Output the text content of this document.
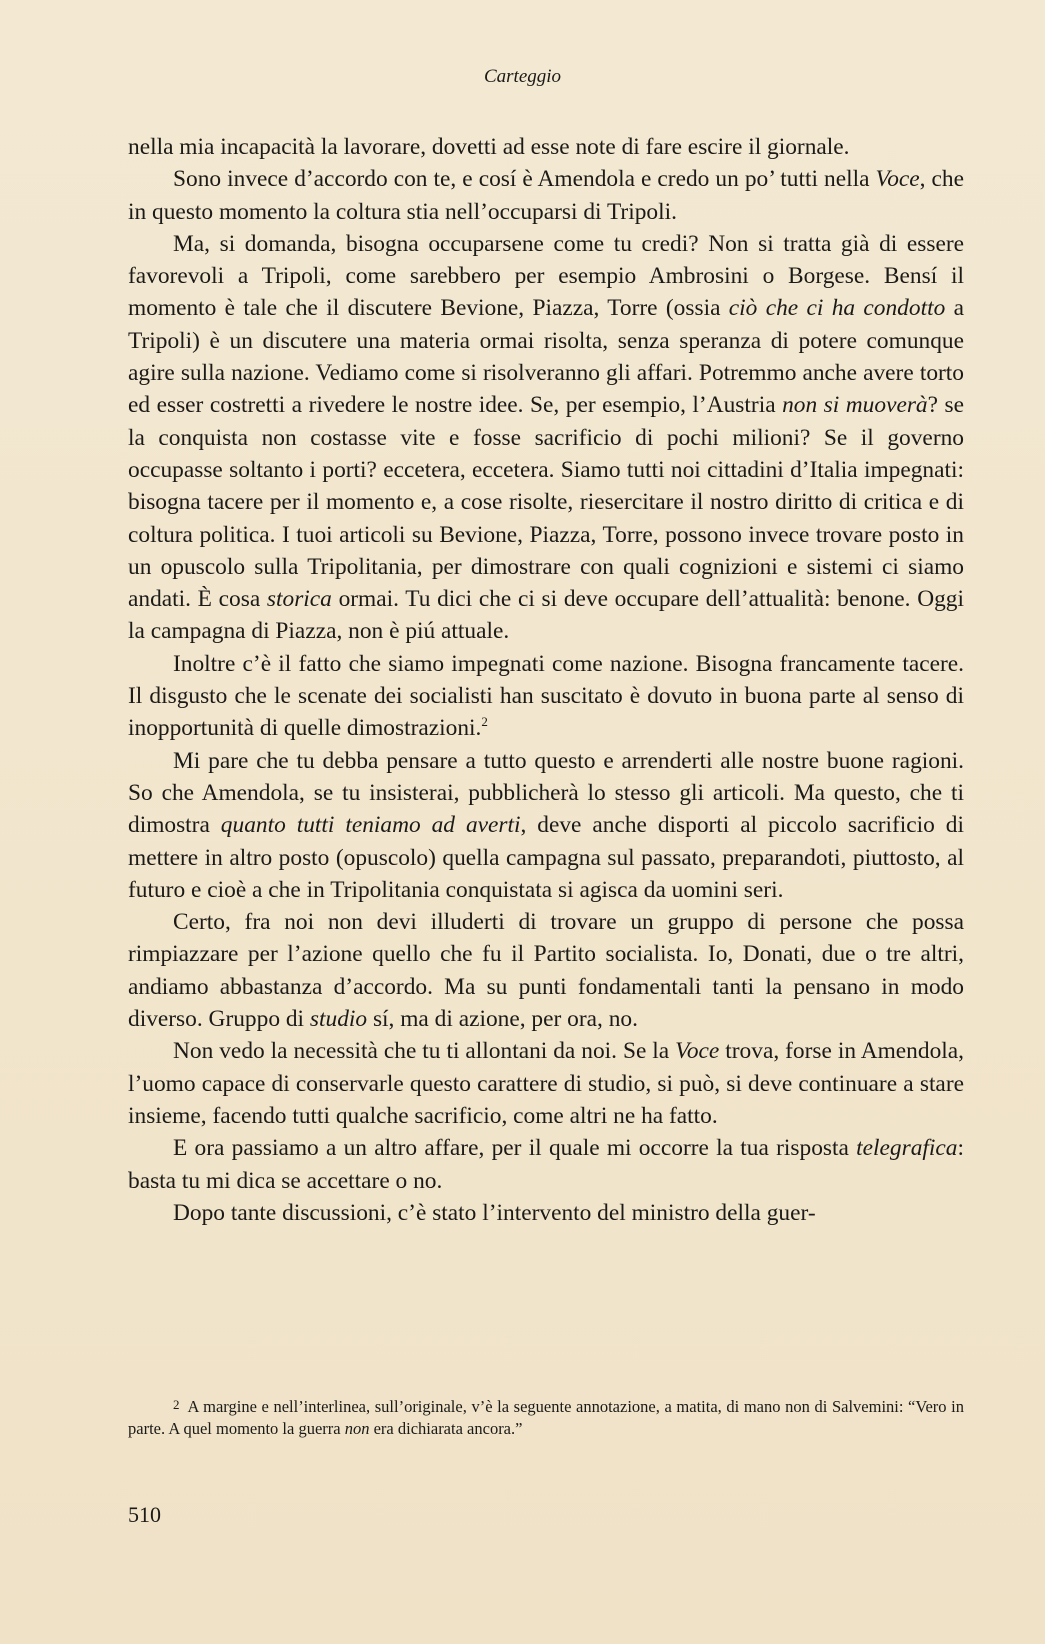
Carteggio

nella mia incapacità la lavorare, dovetti ad esse note di fare escire il giornale.

Sono invece d’accordo con te, e cosí è Amendola e credo un po’ tutti nella Voce, che in questo momento la coltura stia nell’occuparsi di Tripoli.

Ma, si domanda, bisogna occuparsene come tu credi? Non si tratta già di essere favorevoli a Tripoli, come sarebbero per esempio Ambrosini o Borgese. Bensí il momento è tale che il discutere Bevione, Piazza, Torre (ossia ciò che ci ha condotto a Tripoli) è un discutere una materia ormai risolta, senza speranza di potere comunque agire sulla nazione. Vediamo come si risolveranno gli affari. Potremmo anche avere torto ed esser costretti a rivedere le nostre idee. Se, per esempio, l’Austria non si muoverà? se la conquista non costasse vite e fosse sacrificio di pochi milioni? Se il governo occupasse soltanto i porti? eccetera, eccetera. Siamo tutti noi cittadini d’Italia impegnati: bisogna tacere per il momento e, a cose risolte, riesercitare il nostro diritto di critica e di coltura politica. I tuoi articoli su Bevione, Piazza, Torre, possono invece trovare posto in un opuscolo sulla Tripolitania, per dimostrare con quali cognizioni e sistemi ci siamo andati. È cosa storica ormai. Tu dici che ci si deve occupare dell’attualità: benone. Oggi la campagna di Piazza, non è piú attuale.

Inoltre c’è il fatto che siamo impegnati come nazione. Bisogna francamente tacere. Il disgusto che le scenate dei socialisti han suscitato è dovuto in buona parte al senso di inopportunità di quelle dimostrazioni.$^2$

Mi pare che tu debba pensare a tutto questo e arrenderti alle nostre buone ragioni. So che Amendola, se tu insisterai, pubblicherà lo stesso gli articoli. Ma questo, che ti dimostra quanto tutti teniamo ad averti, deve anche disporti al piccolo sacrificio di mettere in altro posto (opuscolo) quella campagna sul passato, preparandoti, piuttosto, al futuro e cioè a che in Tripolitania conquistata si agisca da uomini seri.

Certo, fra noi non devi illuderti di trovare un gruppo di persone che possa rimpiazzare per l’azione quello che fu il Partito socialista. Io, Donati, due o tre altri, andiamo abbastanza d’accordo. Ma su punti fondamentali tanti la pensano in modo diverso. Gruppo di studio sí, ma di azione, per ora, no.

Non vedo la necessità che tu ti allontani da noi. Se la Voce trova, forse in Amendola, l’uomo capace di conservarle questo carattere di studio, si può, si deve continuare a stare insieme, facendo tutti qualche sacrificio, come altri ne ha fatto.

E ora passiamo a un altro affare, per il quale mi occorre la tua risposta telegrafica: basta tu mi dica se accettare o no.

Dopo tante discussioni, c’è stato l’intervento del ministro della guer-

2 A margine e nell’interlinea, sull’originale, v’è la seguente annotazione, a matita, di mano non di Salvemini: “Vero in parte. A quel momento la guerra non era dichiarata ancora.”

510
